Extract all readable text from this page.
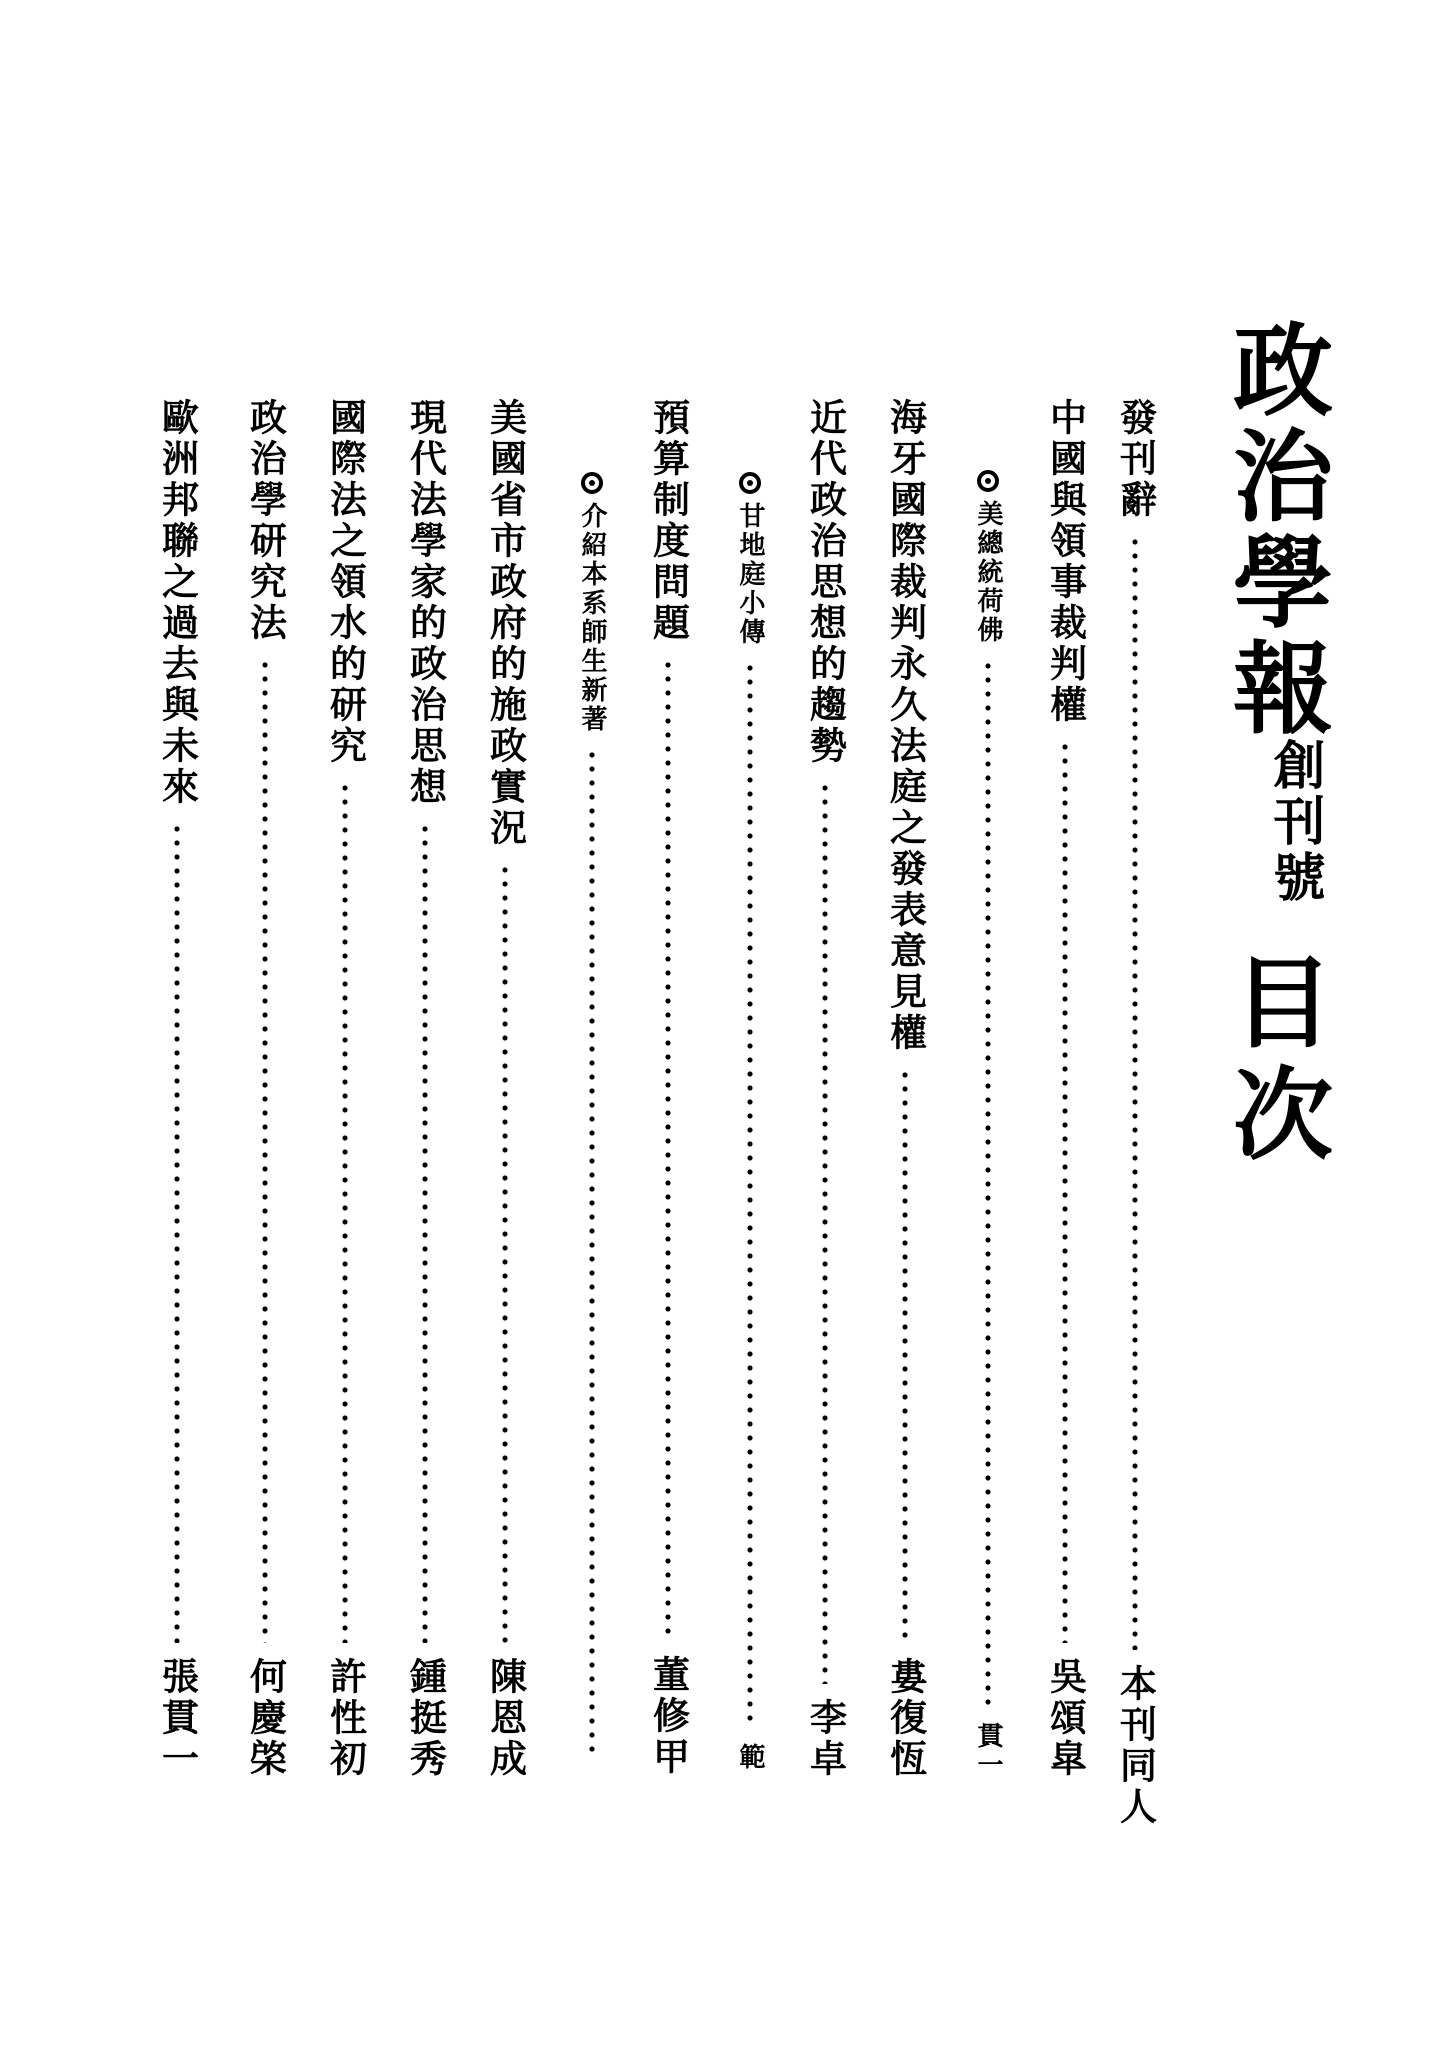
政治學報
創刊號
目次
發刊辭
本刊同人
中國與領事裁判權
吳頌皐
美總統荷佛
貫一
海牙國際裁判永久法庭之發表意見權
婁復恆
近代政治思想的趨勢
李卓
甘地庭小傳
範
預算制度問題
董修甲
介紹本系師生新著
美國省市政府的施政實況
陳恩成
現代法學家的政治思想
鍾挺秀
國際法之領水的研究
許性初
政治學研究法
何慶棨
歐洲邦聯之過去與未來
張貫一
